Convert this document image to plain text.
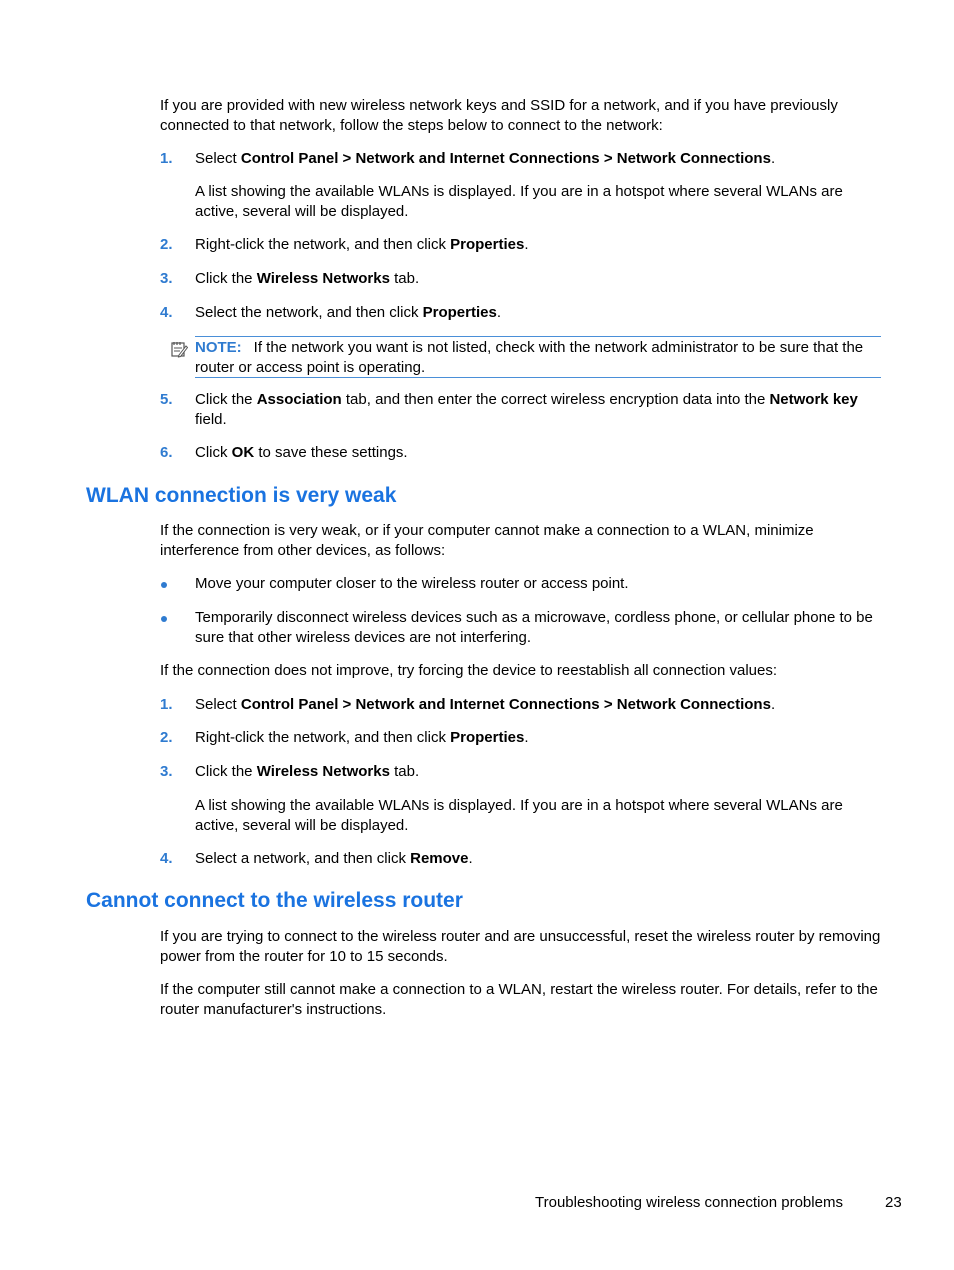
If you are provided with new wireless network keys and SSID for a network, and if you have previously connected to that network, follow the steps below to connect to the network:
1. Select Control Panel > Network and Internet Connections > Network Connections.
A list showing the available WLANs is displayed. If you are in a hotspot where several WLANs are active, several will be displayed.
2. Right-click the network, and then click Properties.
3. Click the Wireless Networks tab.
4. Select the network, and then click Properties.
NOTE: If the network you want is not listed, check with the network administrator to be sure that the router or access point is operating.
5. Click the Association tab, and then enter the correct wireless encryption data into the Network key field.
6. Click OK to save these settings.
WLAN connection is very weak
If the connection is very weak, or if your computer cannot make a connection to a WLAN, minimize interference from other devices, as follows:
Move your computer closer to the wireless router or access point.
Temporarily disconnect wireless devices such as a microwave, cordless phone, or cellular phone to be sure that other wireless devices are not interfering.
If the connection does not improve, try forcing the device to reestablish all connection values:
1. Select Control Panel > Network and Internet Connections > Network Connections.
2. Right-click the network, and then click Properties.
3. Click the Wireless Networks tab.
A list showing the available WLANs is displayed. If you are in a hotspot where several WLANs are active, several will be displayed.
4. Select a network, and then click Remove.
Cannot connect to the wireless router
If you are trying to connect to the wireless router and are unsuccessful, reset the wireless router by removing power from the router for 10 to 15 seconds.
If the computer still cannot make a connection to a WLAN, restart the wireless router. For details, refer to the router manufacturer's instructions.
Troubleshooting wireless connection problems	23
